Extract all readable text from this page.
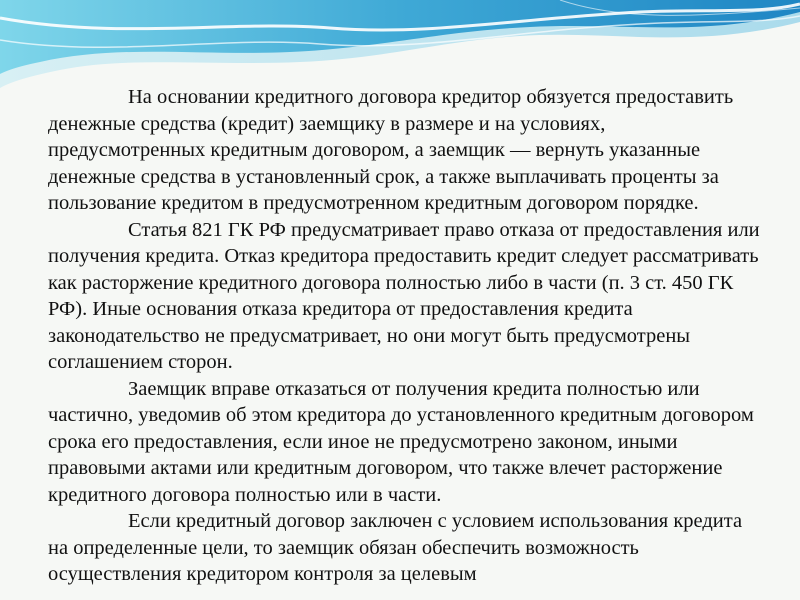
На основании кредитного договора кредитор обязуется предоставить денежные средства (кредит) заемщику в размере и на условиях, предусмотренных кредитным договором, а заемщик — вернуть указанные денежные средства в установленный срок, а также выплачивать проценты за пользование кредитом в предусмотренном кредитным договором порядке.

Статья 821 ГК РФ предусматривает право отказа от предоставления или получения кредита. Отказ кредитора предоставить кредит следует рассматривать как расторжение кредитного договора полностью либо в части (п. 3 ст. 450 ГК РФ). Иные основания отказа кредитора от предоставления кредита законодательство не предусматривает, но они могут быть предусмотрены соглашением сторон.

Заемщик вправе отказаться от получения кредита полностью или частично, уведомив об этом кредитора до установленного кредитным договором срока его предоставления, если иное не предусмотрено законом, иными правовыми актами или кредитным договором, что также влечет расторжение кредитного договора полностью или в части.

Если кредитный договор заключен с условием использования кредита на определенные цели, то заемщик обязан обеспечить возможность осуществления кредитором контроля за целевым
